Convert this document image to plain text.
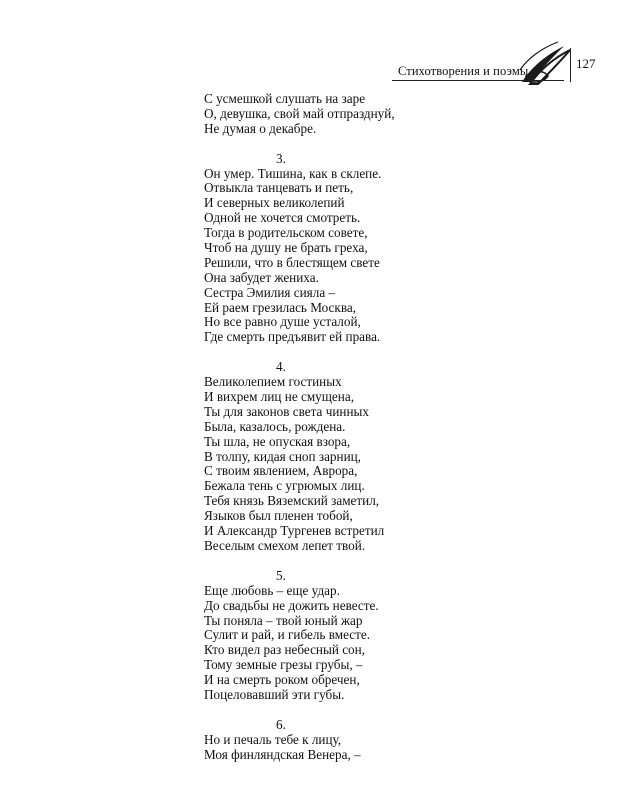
Стихотворения и поэмы	127
С усмешкой слушать на заре
О, девушка, свой май отпразднуй,
Не думая о декабре.
3.
Он умер. Тишина, как в склепе.
Отвыкла танцевать и петь,
И северных великолепий
Одной не хочется смотреть.
Тогда в родительском совете,
Чтоб на душу не брать греха,
Решили, что в блестящем свете
Она забудет жениха.
Сестра Эмилия сияла –
Ей раем грезилась Москва,
Но все равно душе усталой,
Где смерть предъявит ей права.
4.
Великолепием гостиных
И вихрем лиц не смущена,
Ты для законов света чинных
Была, казалось, рождена.
Ты шла, не опуская взора,
В толпу, кидая сноп зарниц,
С твоим явлением, Аврора,
Бежала тень с угрюмых лиц.
Тебя князь Вяземский заметил,
Языков был пленен тобой,
И Александр Тургенев встретил
Веселым смехом лепет твой.
5.
Еще любовь – еще удар.
До свадьбы не дожить невесте.
Ты поняла – твой юный жар
Сулит и рай, и гибель вместе.
Кто видел раз небесный сон,
Тому земные грезы грубы, –
И на смерть роком обречен,
Поцеловавший эти губы.
6.
Но и печаль тебе к лицу,
Моя финляндская Венера, –
